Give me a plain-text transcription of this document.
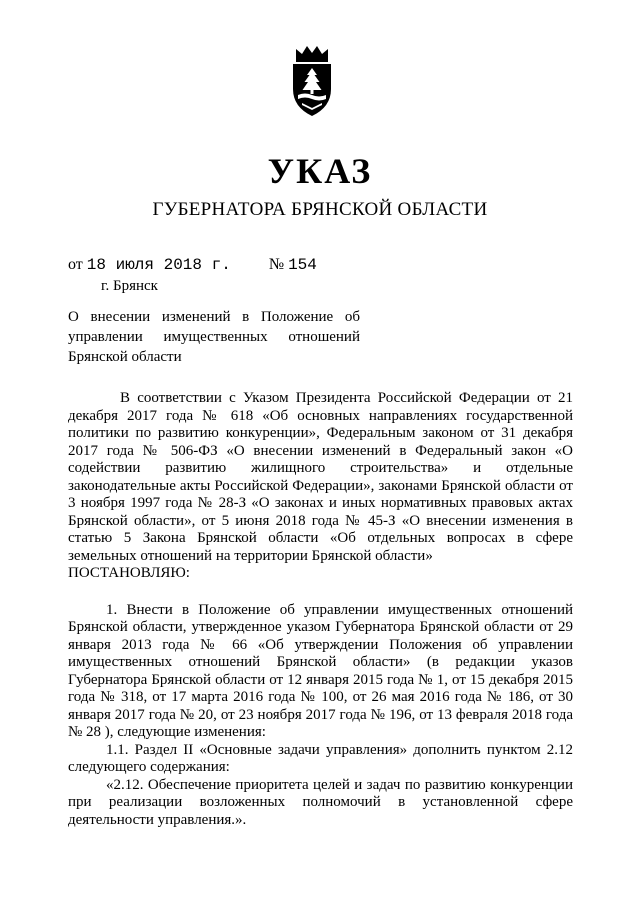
УКАЗ
ГУБЕРНАТОРА БРЯНСКОЙ ОБЛАСТИ
от 18 июля 2018 г. № 154
г. Брянск
О внесении изменений в Положение об управлении имущественных отношений Брянской области

В соответствии с Указом Президента Российской Федерации от 21 декабря 2017 года № 618 «Об основных направлениях государственной политики по развитию конкуренции», Федеральным законом от 31 декабря 2017 года № 506-ФЗ «О внесении изменений в Федеральный закон «О содействии развитию жилищного строительства» и отдельные законодательные акты Российской Федерации», законами Брянской области от 3 ноября 1997 года № 28-З «О законах и иных нормативных правовых актах Брянской области», от 5 июня 2018 года № 45-З «О внесении изменения в статью 5 Закона Брянской области «Об отдельных вопросах в сфере земельных отношений на территории Брянской области»

ПОСТАНОВЛЯЮ:

1. Внести в Положение об управлении имущественных отношений Брянской области, утвержденное указом Губернатора Брянской области от 29 января 2013 года № 66 «Об утверждении Положения об управлении имущественных отношений Брянской области» (в редакции указов Губернатора Брянской области от 12 января 2015 года № 1, от 15 декабря 2015 года № 318, от 17 марта 2016 года № 100, от 26 мая 2016 года № 186, от 30 января 2017 года № 20, от 23 ноября 2017 года № 196, от 13 февраля 2018 года № 28 ), следующие изменения:

1.1. Раздел II «Основные задачи управления» дополнить пунктом 2.12 следующего содержания:

«2.12. Обеспечение приоритета целей и задач по развитию конкуренции при реализации возложенных полномочий в установленной сфере деятельности управления.».
